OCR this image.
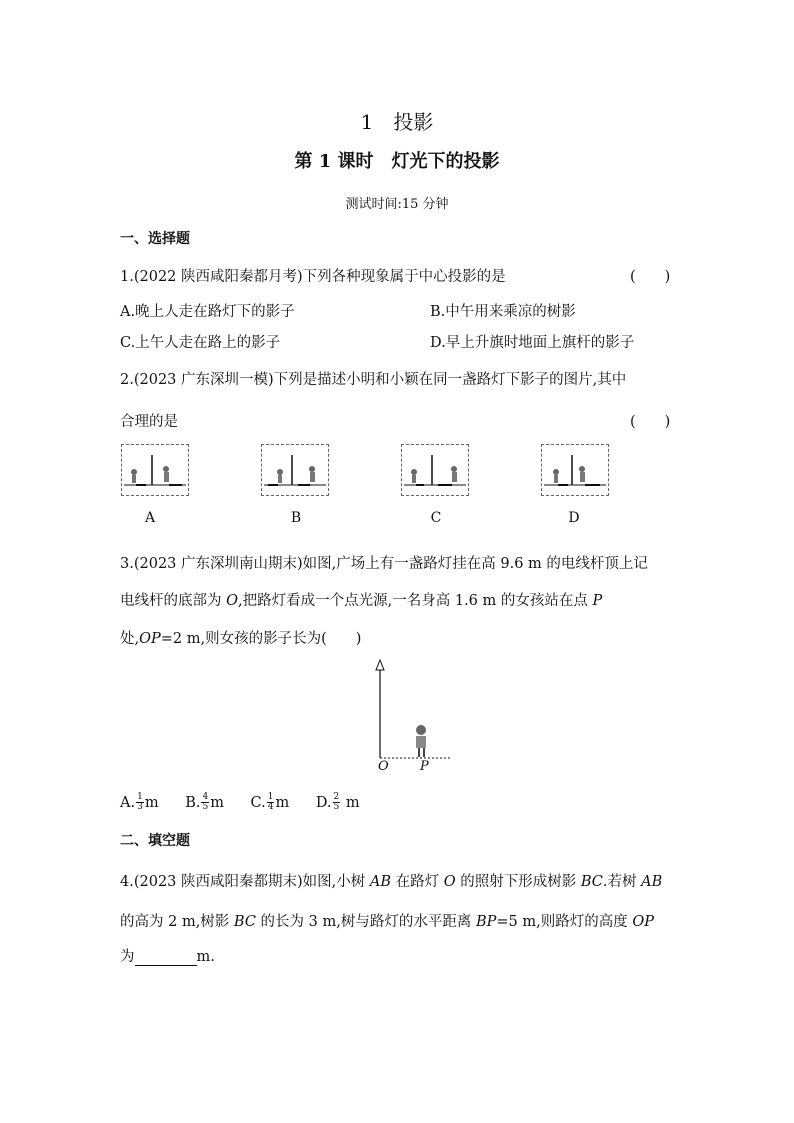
1　投影
第 1 课时　灯光下的投影
测试时间:15 分钟
一、选择题
1.(2022 陕西咸阳秦都月考)下列各种现象属于中心投影的是	(　　)
A.晚上人走在路灯下的影子	B.中午用来乘凉的树影
C.上午人走在路上的影子	D.早上升旗时地面上旗杆的影子
2.(2023 广东深圳一模)下列是描述小明和小颖在同一盏路灯下影子的图片,其中
合理的是	(　　)
A	B	C	D
3.(2023 广东深圳南山期末)如图,广场上有一盏路灯挂在高 9.6 m 的电线杆顶上记
电线杆的底部为 O,把路灯看成一个点光源,一名身高 1.6 m 的女孩站在点 P
处,OP=2 m,则女孩的影子长为(　　)
O P
A. $\frac{1}{3}$ m B. $\frac{4}{5}$ m C. $\frac{1}{4}$ m D. $\frac{2}{5}$ m
二、填空题
4.(2023 陕西咸阳秦都期末)如图,小树 AB 在路灯 O 的照射下形成树影 BC.若树 AB
的高为 2 m,树影 BC 的长为 3 m,树与路灯的水平距离 BP=5 m,则路灯的高度 OP
为	m.
